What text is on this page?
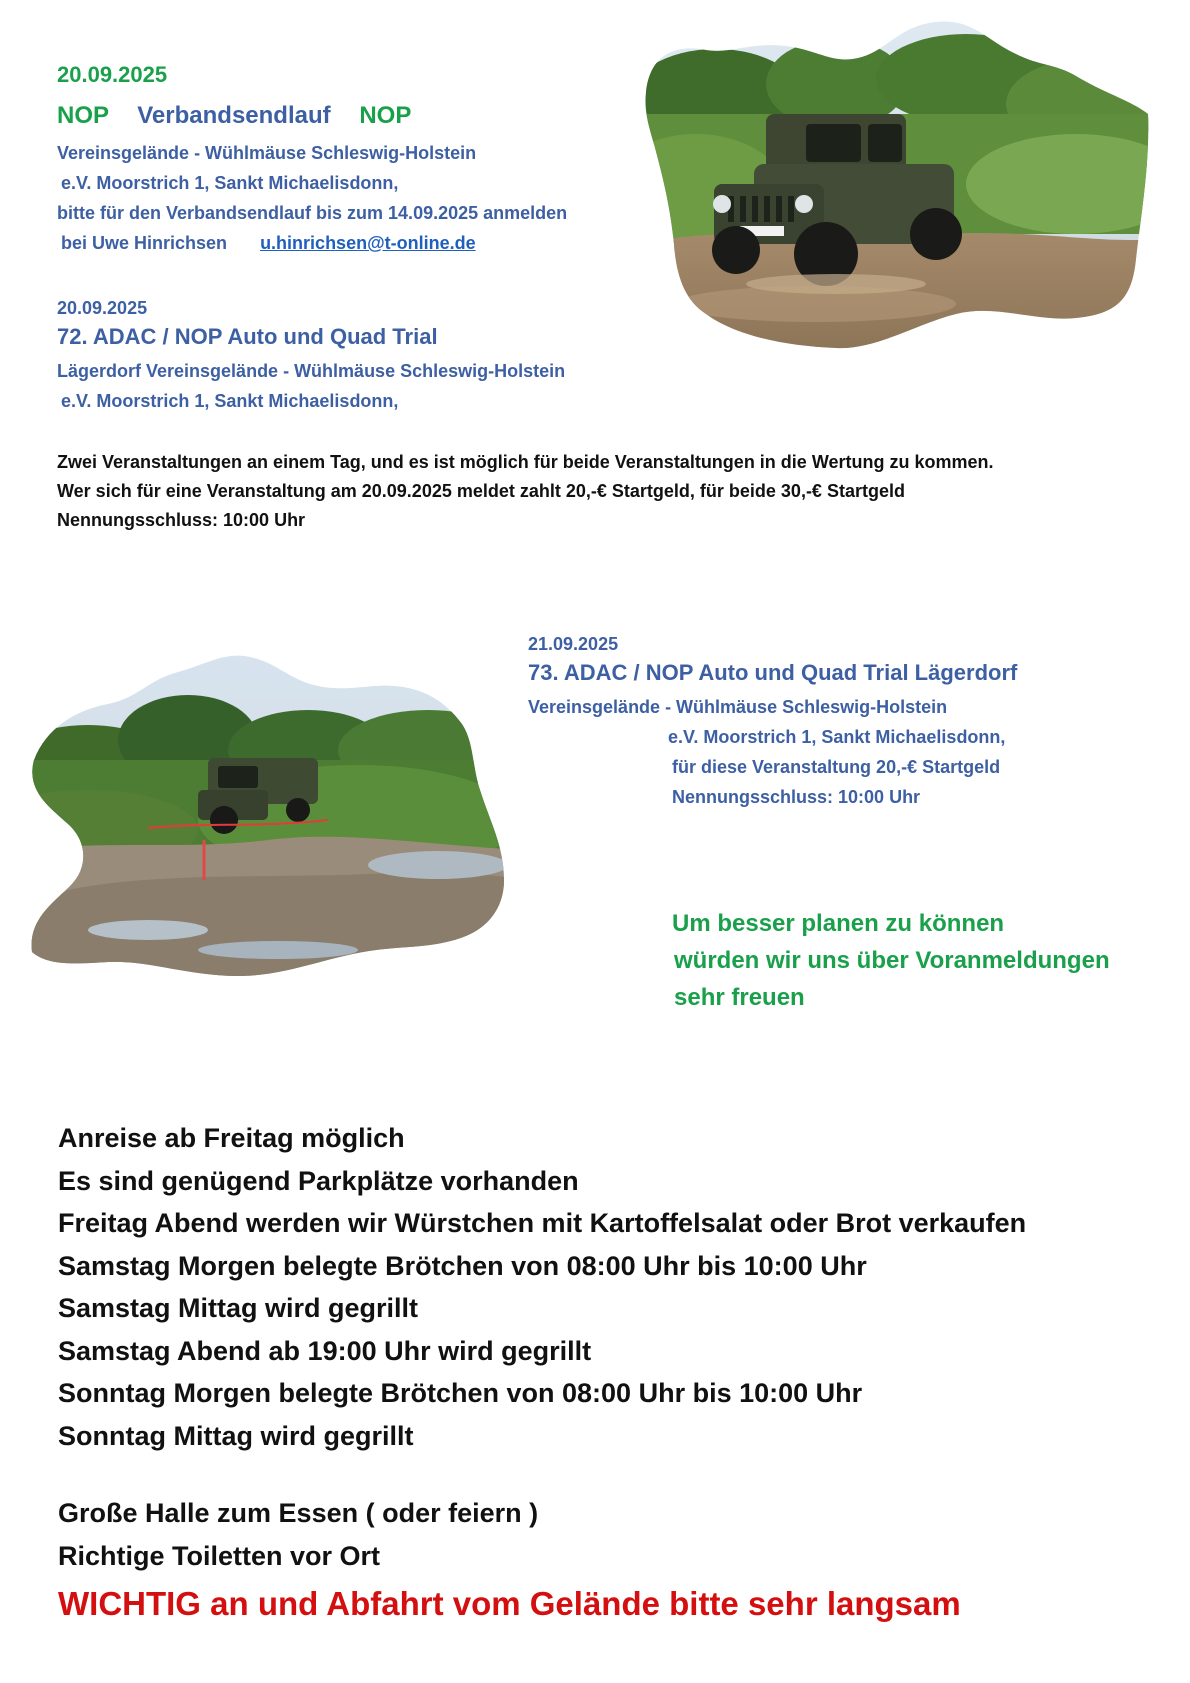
20.09.2025
NOP Verbandsendlauf NOP
Vereinsgelände - Wühlmäuse Schleswig-Holstein
e.V. Moorstrich 1, Sankt Michaelisdonn,
bitte für den Verbandsendlauf bis zum 14.09.2025 anmelden
bei Uwe Hinrichsen u.hinrichsen@t-online.de
20.09.2025
72. ADAC / NOP Auto und Quad Trial
Lägerdorf Vereinsgelände - Wühlmäuse Schleswig-Holstein
e.V. Moorstrich 1, Sankt Michaelisdonn,
Zwei Veranstaltungen an einem Tag, und es ist möglich für beide Veranstaltungen in die Wertung zu kommen.
Wer sich für eine Veranstaltung am 20.09.2025 meldet zahlt 20,-€ Startgeld, für beide 30,-€ Startgeld
Nennungsschluss: 10:00 Uhr
21.09.2025
73. ADAC / NOP Auto und Quad Trial Lägerdorf
Vereinsgelände - Wühlmäuse Schleswig-Holstein
e.V. Moorstrich 1, Sankt Michaelisdonn,
für diese Veranstaltung 20,-€ Startgeld
Nennungsschluss: 10:00 Uhr
Um besser planen zu können
würden wir uns über Voranmeldungen
sehr freuen
Anreise ab Freitag möglich
Es sind genügend Parkplätze vorhanden
Freitag Abend werden wir Würstchen mit Kartoffelsalat oder Brot verkaufen
Samstag Morgen belegte Brötchen von 08:00 Uhr bis 10:00 Uhr
Samstag Mittag wird gegrillt
Samstag Abend ab 19:00 Uhr wird gegrillt
Sonntag Morgen belegte Brötchen von 08:00 Uhr bis 10:00 Uhr
Sonntag Mittag wird gegrillt
Große Halle zum Essen ( oder feiern )
Richtige Toiletten vor Ort
WICHTIG an und Abfahrt vom Gelände bitte sehr langsam
